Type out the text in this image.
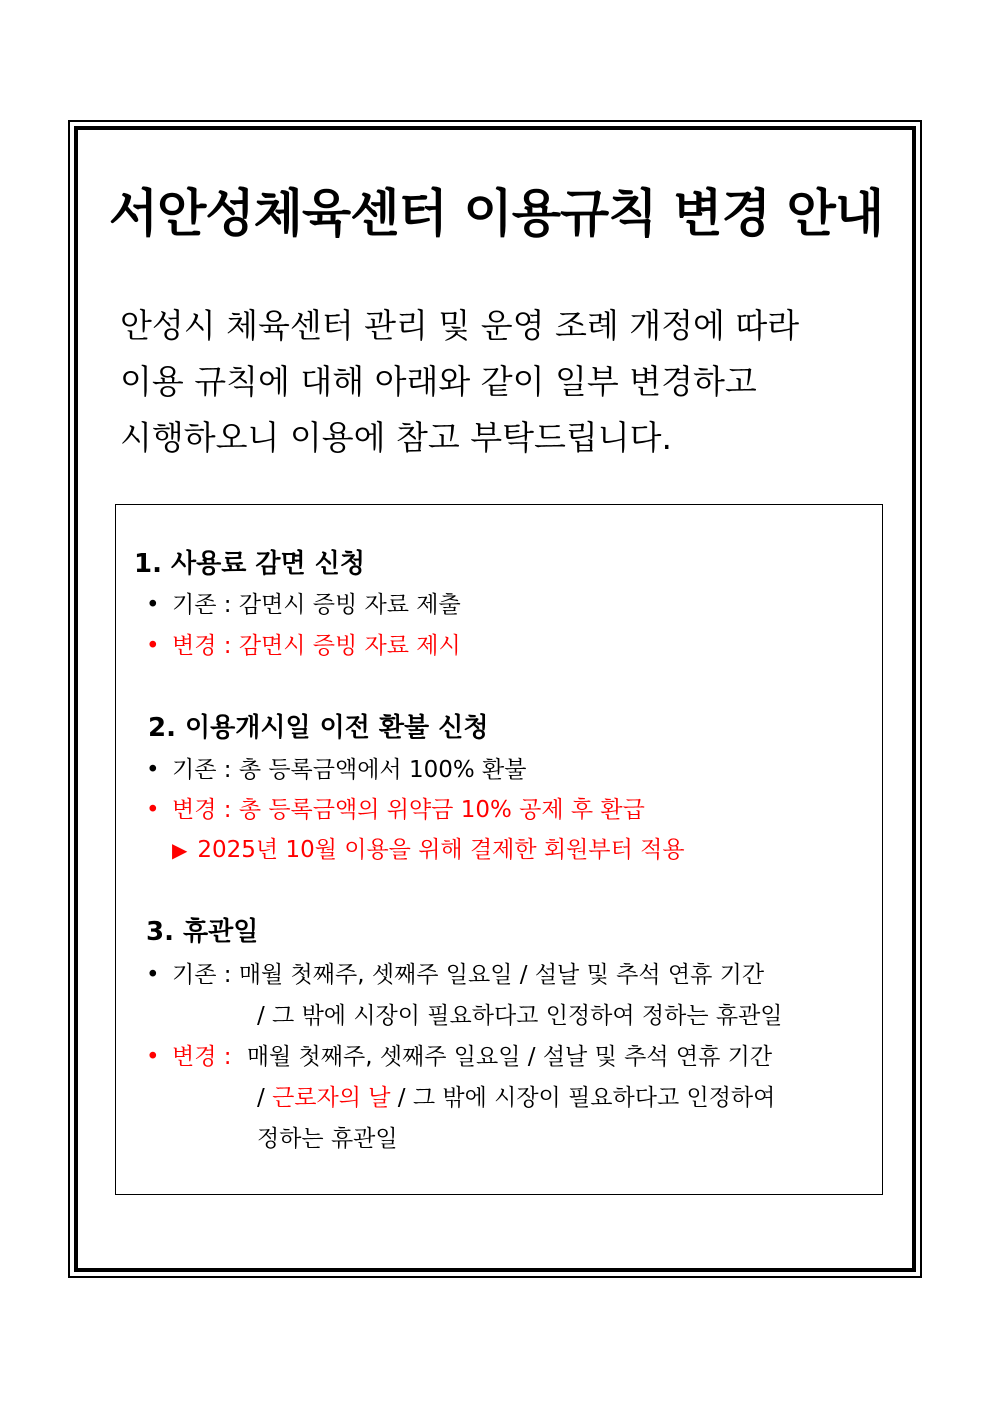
서안성체육센터 이용규칙 변경 안내
안성시 체육센터 관리 및 운영 조례 개정에 따라
이용 규칙에 대해 아래와 같이 일부 변경하고
시행하오니 이용에 참고 부탁드립니다.
1. 사용료 감면 신청
• 기존 : 감면시 증빙 자료 제출
• 변경 : 감면시 증빙 자료 제시
2. 이용개시일 이전 환불 신청
• 기존 : 총 등록금액에서 100% 환불
• 변경 : 총 등록금액의 위약금 10% 공제 후 환급
▶ 2025년 10월 이용을 위해 결제한 회원부터 적용
3. 휴관일
• 기존 : 매월 첫째주, 셋째주 일요일 / 설날 및 추석 연휴 기간
/ 그 밖에 시장이 필요하다고 인정하여 정하는 휴관일
• 변경 : 매월 첫째주, 셋째주 일요일 / 설날 및 추석 연휴 기간
/ 근로자의 날 / 그 밖에 시장이 필요하다고 인정하여
정하는 휴관일
